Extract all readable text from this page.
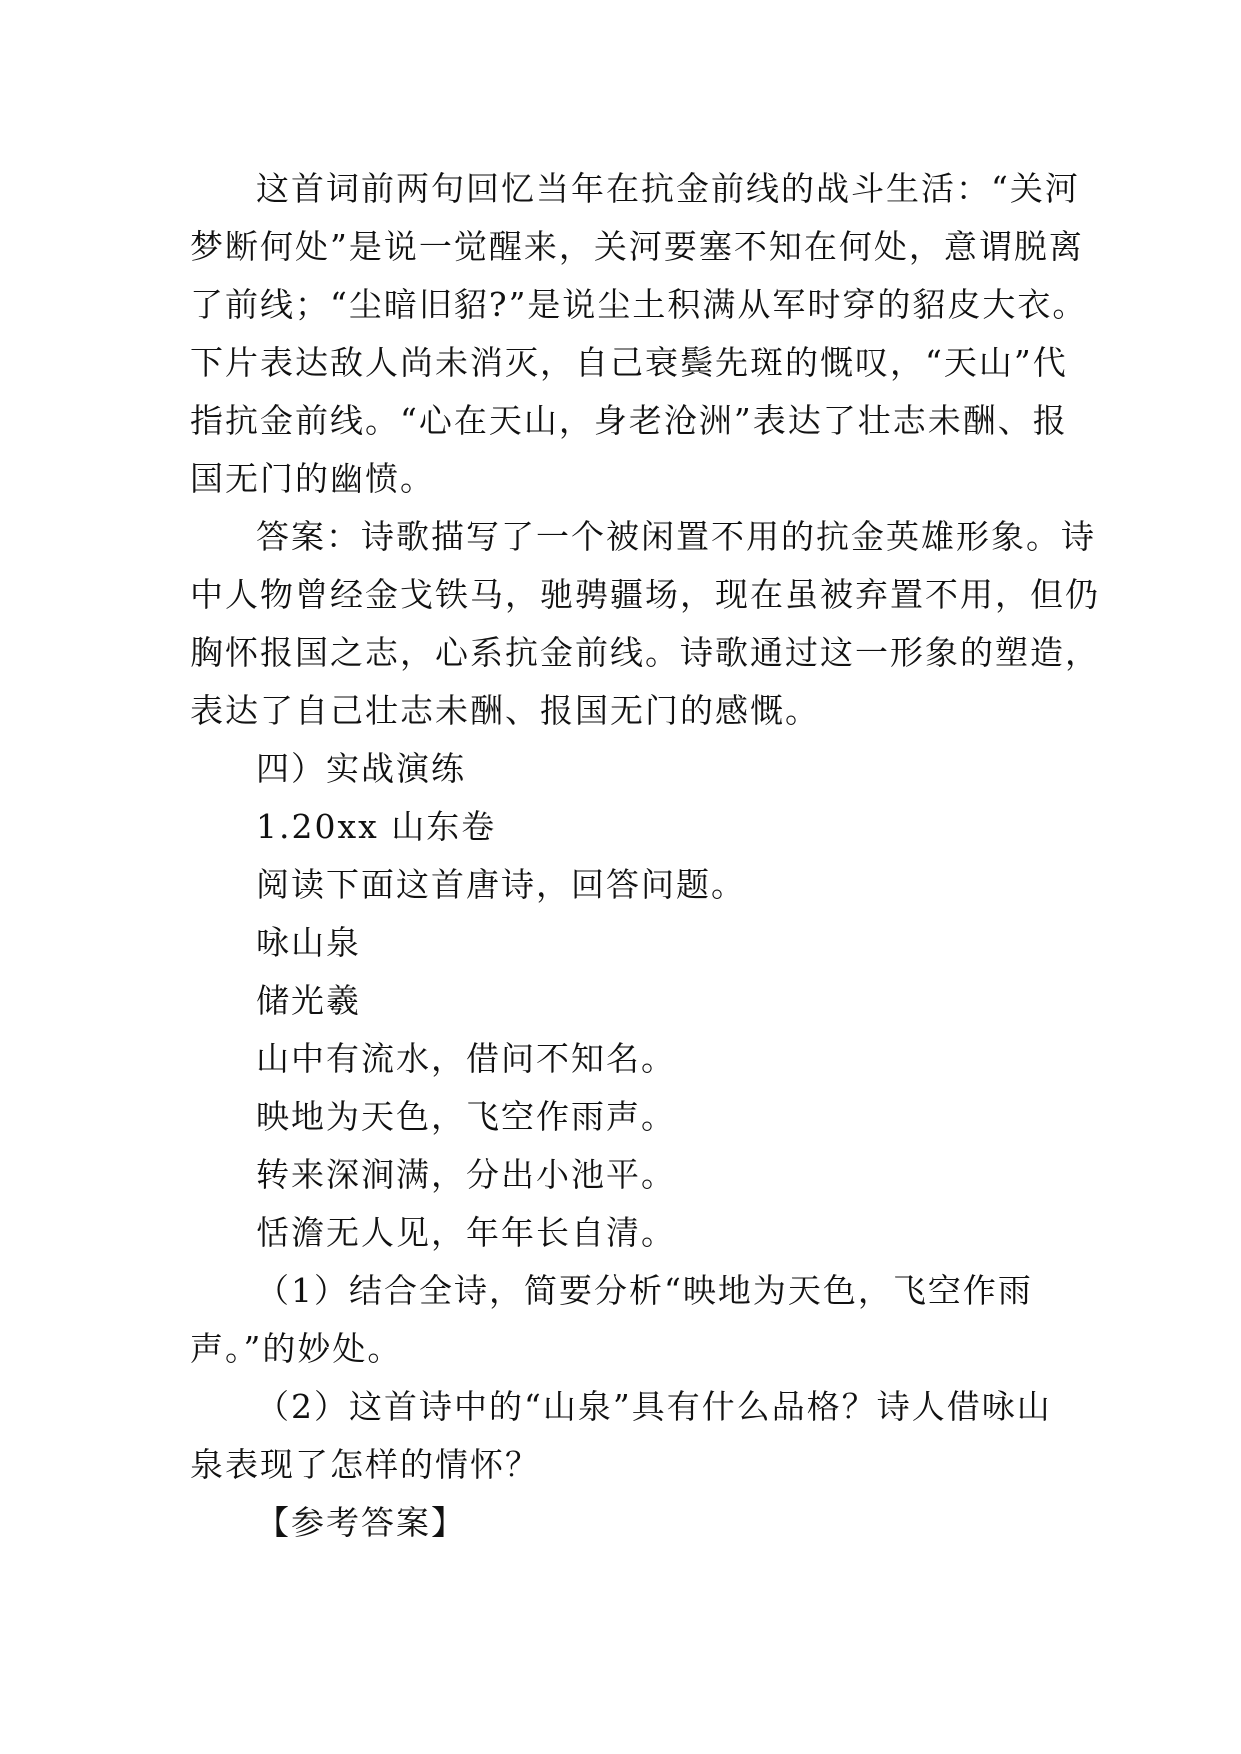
这首词前两句回忆当年在抗金前线的战斗生活：“关河
梦断何处”是说一觉醒来，关河要塞不知在何处，意谓脱离
了前线；“尘暗旧貂?”是说尘土积满从军时穿的貂皮大衣。
下片表达敌人尚未消灭，自己衰鬓先斑的慨叹，“天山”代
指抗金前线。“心在天山，身老沧洲”表达了壮志未酬、报
国无门的幽愤。
答案：诗歌描写了一个被闲置不用的抗金英雄形象。诗
中人物曾经金戈铁马，驰骋疆场，现在虽被弃置不用，但仍
胸怀报国之志，心系抗金前线。诗歌通过这一形象的塑造，
表达了自己壮志未酬、报国无门的感慨。
四）实战演练
1.20xx 山东卷
阅读下面这首唐诗，回答问题。
咏山泉
储光羲
山中有流水，借问不知名。
映地为天色，飞空作雨声。
转来深涧满，分出小池平。
恬澹无人见，年年长自清。
（1）结合全诗，简要分析“映地为天色，飞空作雨
声。”的妙处。
（2）这首诗中的“山泉”具有什么品格？诗人借咏山
泉表现了怎样的情怀？
【参考答案】
